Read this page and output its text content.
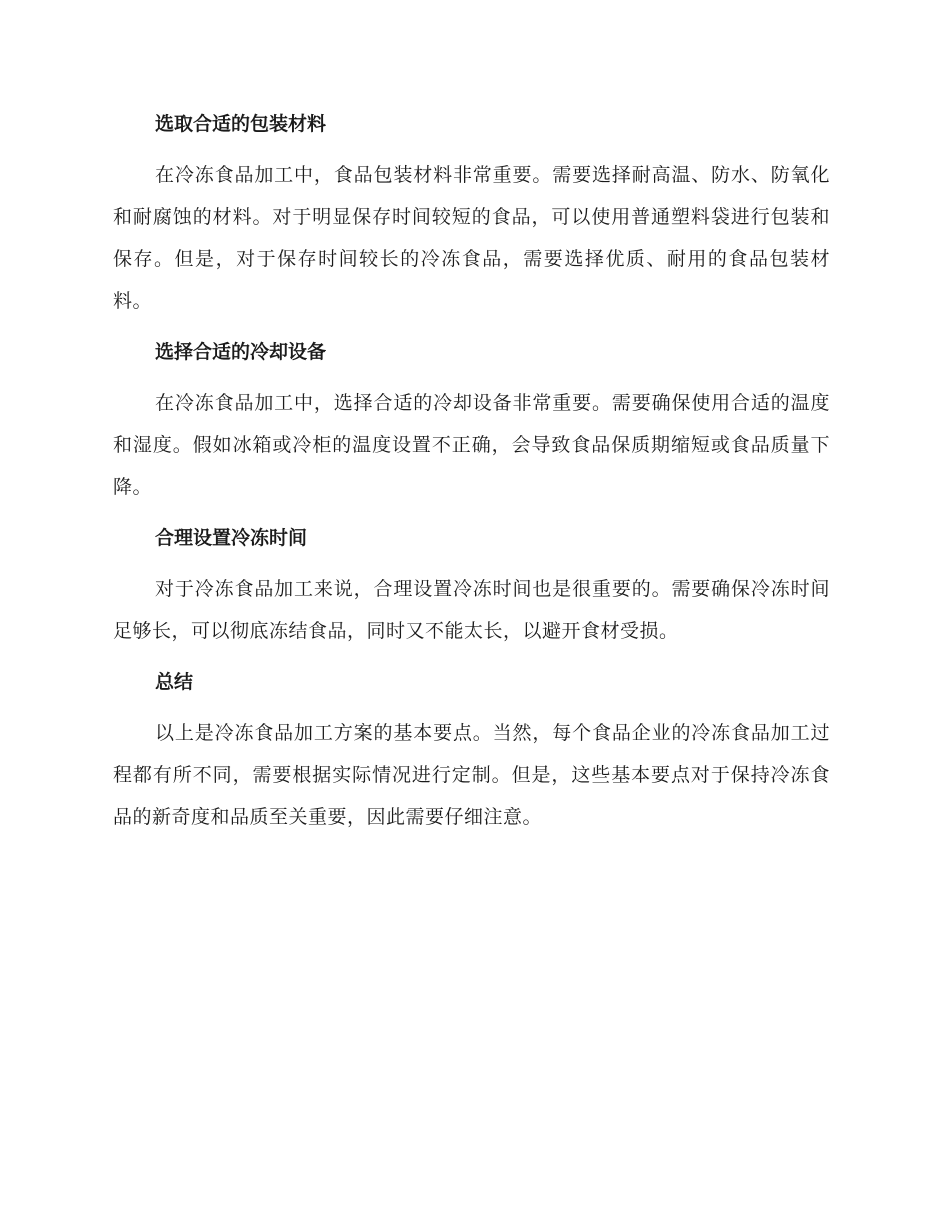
选取合适的包装材料

在冷冻食品加工中，食品包装材料非常重要。需要选择耐高温、防水、防氧化和耐腐蚀的材料。对于明显保存时间较短的食品，可以使用普通塑料袋进行包装和保存。但是，对于保存时间较长的冷冻食品，需要选择优质、耐用的食品包装材料。

选择合适的冷却设备

在冷冻食品加工中，选择合适的冷却设备非常重要。需要确保使用合适的温度和湿度。假如冰箱或冷柜的温度设置不正确，会导致食品保质期缩短或食品质量下降。

合理设置冷冻时间

对于冷冻食品加工来说，合理设置冷冻时间也是很重要的。需要确保冷冻时间足够长，可以彻底冻结食品，同时又不能太长，以避开食材受损。

总结

以上是冷冻食品加工方案的基本要点。当然，每个食品企业的冷冻食品加工过程都有所不同，需要根据实际情况进行定制。但是，这些基本要点对于保持冷冻食品的新奇度和品质至关重要，因此需要仔细注意。
